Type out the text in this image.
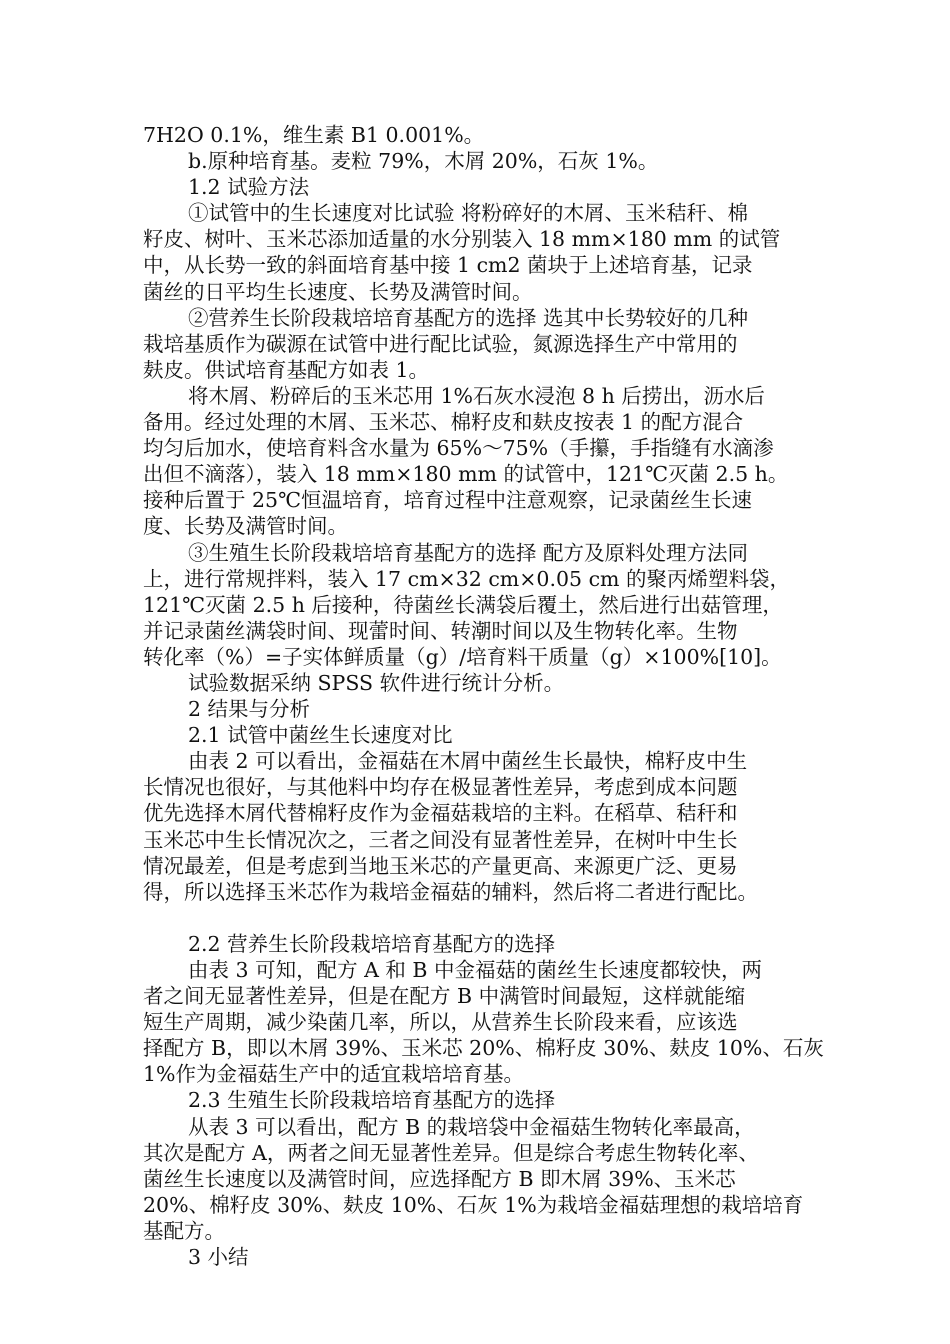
7H2O 0.1%，维生素 B1 0.001%。
b.原种培育基。麦粒 79%，木屑 20%，石灰 1%。
1.2 试验方法
①试管中的生长速度对比试验 将粉碎好的木屑、玉米秸秆、棉
籽皮、树叶、玉米芯添加适量的水分别装入 18 mm×180 mm 的试管
中，从长势一致的斜面培育基中接 1 cm2 菌块于上述培育基，记录
菌丝的日平均生长速度、长势及满管时间。
②营养生长阶段栽培培育基配方的选择 选其中长势较好的几种
栽培基质作为碳源在试管中进行配比试验，氮源选择生产中常用的
麸皮。供试培育基配方如表 1。
将木屑、粉碎后的玉米芯用 1%石灰水浸泡 8 h 后捞出，沥水后
备用。经过处理的木屑、玉米芯、棉籽皮和麸皮按表 1 的配方混合
均匀后加水，使培育料含水量为 65%～75%（手攥，手指缝有水滴渗
出但不滴落），装入 18 mm×180 mm 的试管中，121℃灭菌 2.5 h。
接种后置于 25℃恒温培育，培育过程中注意观察，记录菌丝生长速
度、长势及满管时间。
③生殖生长阶段栽培培育基配方的选择 配方及原料处理方法同
上，进行常规拌料，装入 17 cm×32 cm×0.05 cm 的聚丙烯塑料袋，
121℃灭菌 2.5 h 后接种，待菌丝长满袋后覆土，然后进行出菇管理，
并记录菌丝满袋时间、现蕾时间、转潮时间以及生物转化率。生物
转化率（%）=子实体鲜质量（g）/培育料干质量（g）×100%[10]。
试验数据采纳 SPSS 软件进行统计分析。
2 结果与分析
2.1 试管中菌丝生长速度对比
由表 2 可以看出，金福菇在木屑中菌丝生长最快，棉籽皮中生
长情况也很好，与其他料中均存在极显著性差异，考虑到成本问题
优先选择木屑代替棉籽皮作为金福菇栽培的主料。在稻草、秸秆和
玉米芯中生长情况次之，三者之间没有显著性差异，在树叶中生长
情况最差，但是考虑到当地玉米芯的产量更高、来源更广泛、更易
得，所以选择玉米芯作为栽培金福菇的辅料，然后将二者进行配比。
2.2 营养生长阶段栽培培育基配方的选择
由表 3 可知，配方 A 和 B 中金福菇的菌丝生长速度都较快，两
者之间无显著性差异，但是在配方 B 中满管时间最短，这样就能缩
短生产周期，减少染菌几率，所以，从营养生长阶段来看，应该选
择配方 B，即以木屑 39%、玉米芯 20%、棉籽皮 30%、麸皮 10%、石灰
1%作为金福菇生产中的适宜栽培培育基。
2.3 生殖生长阶段栽培培育基配方的选择
从表 3 可以看出，配方 B 的栽培袋中金福菇生物转化率最高，
其次是配方 A，两者之间无显著性差异。但是综合考虑生物转化率、
菌丝生长速度以及满管时间，应选择配方 B 即木屑 39%、玉米芯
20%、棉籽皮 30%、麸皮 10%、石灰 1%为栽培金福菇理想的栽培培育
基配方。
3 小结
